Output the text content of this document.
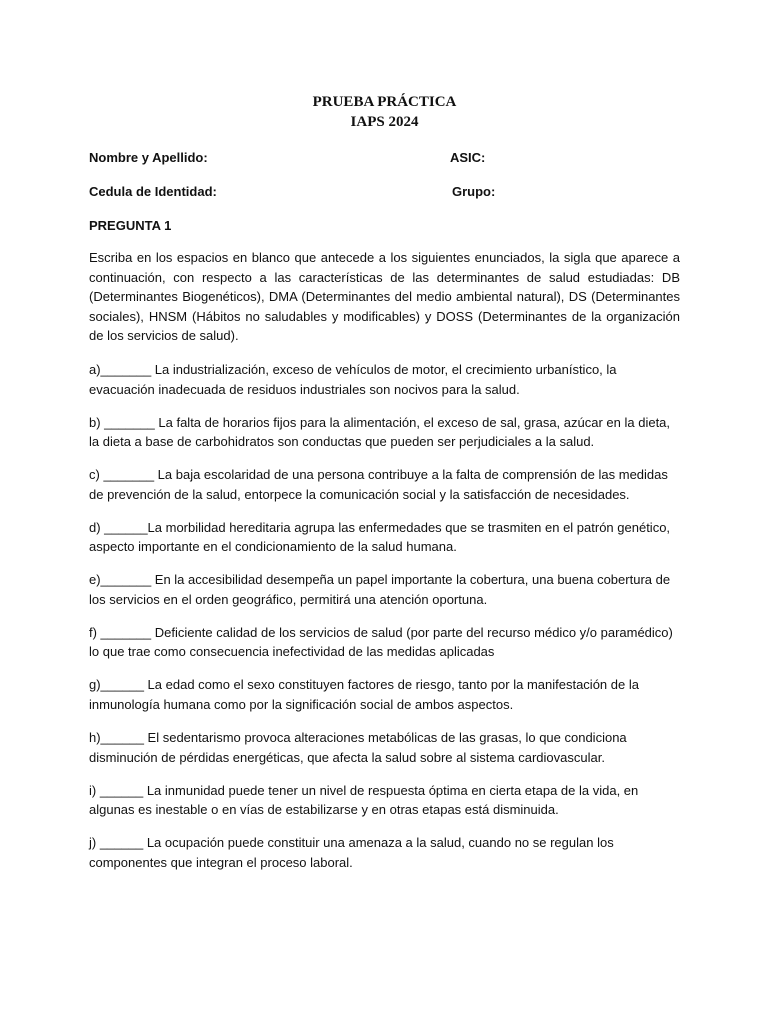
PRUEBA PRÁCTICA

IAPS 2024

Nombre y Apellido:	ASIC:
Cedula de Identidad:	Grupo:

PREGUNTA 1

Escriba en los espacios en blanco que antecede a los siguientes enunciados, la sigla que aparece a continuación, con respecto a las características de las determinantes de salud estudiadas: DB (Determinantes Biogenéticos), DMA (Determinantes del medio ambiental natural), DS (Determinantes sociales), HNSM (Hábitos no saludables y modificables) y DOSS (Determinantes de la organización de los servicios de salud).

a)_______ La industrialización, exceso de vehículos de motor, el crecimiento urbanístico, la evacuación inadecuada de residuos industriales son nocivos para la salud.

b) _______ La falta de horarios fijos para la alimentación, el exceso de sal, grasa, azúcar en la dieta, la dieta a base de carbohidratos son conductas que pueden ser perjudiciales a la salud.

c) _______ La baja escolaridad de una persona contribuye a la falta de comprensión de las medidas de prevención de la salud, entorpece la comunicación social y la satisfacción de necesidades.

d) ______La morbilidad hereditaria agrupa las enfermedades que se trasmiten en el patrón genético, aspecto importante en el condicionamiento de la salud humana.

e)_______ En la accesibilidad desempeña un papel importante la cobertura, una buena cobertura de los servicios en el orden geográfico, permitirá una atención oportuna.

f) _______ Deficiente calidad de los servicios de salud (por parte del recurso médico y/o paramédico) lo que trae como consecuencia inefectividad de las medidas aplicadas

g)______ La edad como el sexo constituyen factores de riesgo, tanto por la manifestación de la inmunología humana como por la significación social de ambos aspectos.

h)______ El sedentarismo provoca alteraciones metabólicas de las grasas, lo que condiciona disminución de pérdidas energéticas, que afecta la salud sobre al sistema cardiovascular.

i) ______ La inmunidad puede tener un nivel de respuesta óptima en cierta etapa de la vida, en algunas es inestable o en vías de estabilizarse y en otras etapas está disminuida.

j) ______ La ocupación puede constituir una amenaza a la salud, cuando no se regulan los componentes que integran el proceso laboral.
